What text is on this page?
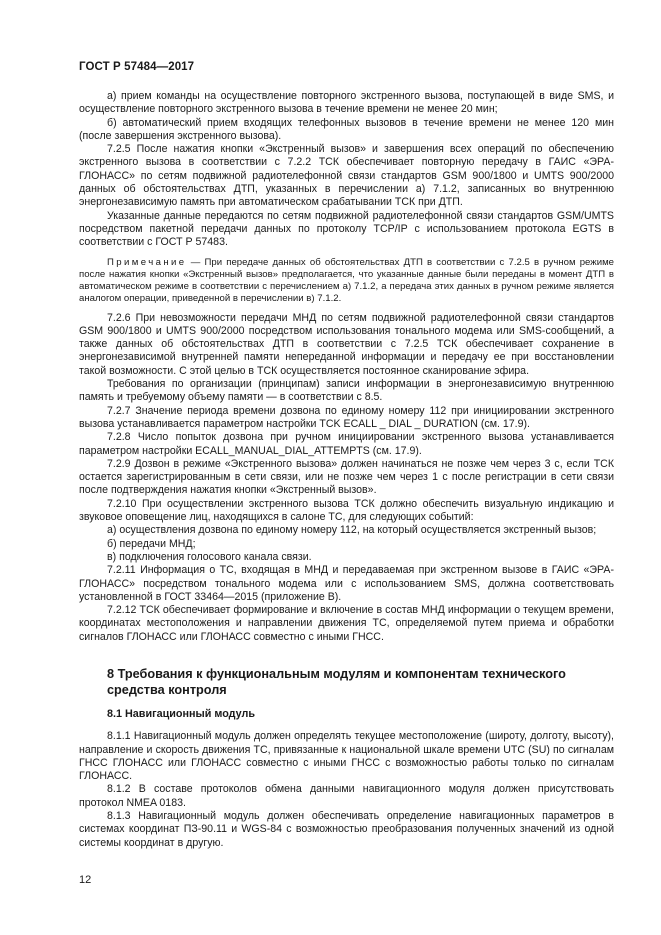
ГОСТ Р 57484—2017

а) прием команды на осуществление повторного экстренного вызова, поступающей в виде SMS, и осуществление повторного экстренного вызова в течение времени не менее 20 мин;

б) автоматический прием входящих телефонных вызовов в течение времени не менее 120 мин (после завершения экстренного вызова).

7.2.5 После нажатия кнопки «Экстренный вызов» и завершения всех операций по обеспечению экстренного вызова в соответствии с 7.2.2 ТСК обеспечивает повторную передачу в ГАИС «ЭРА-ГЛОНАСС» по сетям подвижной радиотелефонной связи стандартов GSM 900/1800 и UMTS 900/2000 данных об обстоятельствах ДТП, указанных в перечислении а) 7.1.2, записанных во внутреннюю энергонезависимую память при автоматическом срабатывании ТСК при ДТП.

Указанные данные передаются по сетям подвижной радиотелефонной связи стандартов GSM/UMTS посредством пакетной передачи данных по протоколу TCP/IP с использованием протокола EGTS в соответствии с ГОСТ Р 57483.

Примечание — При передаче данных об обстоятельствах ДТП в соответствии с 7.2.5 в ручном режиме после нажатия кнопки «Экстренный вызов» предполагается, что указанные данные были переданы в момент ДТП в автоматическом режиме в соответствии с перечислением а) 7.1.2, а передача этих данных в ручном режиме является аналогом операции, приведенной в перечислении в) 7.1.2.

7.2.6 При невозможности передачи МНД по сетям подвижной радиотелефонной связи стандартов GSM 900/1800 и UMTS 900/2000 посредством использования тонального модема или SMS-сообщений, а также данных об обстоятельствах ДТП в соответствии с 7.2.5 ТСК обеспечивает сохранение в энергонезависимой внутренней памяти непереданной информации и передачу ее при восстановлении такой возможности. С этой целью в ТСК осуществляется постоянное сканирование эфира.

Требования по организации (принципам) записи информации в энергонезависимую внутреннюю память и требуемому объему памяти — в соответствии с 8.5.

7.2.7 Значение периода времени дозвона по единому номеру 112 при инициировании экстренного вызова устанавливается параметром настройки TCK ECALL _ DIAL _ DURATION (см. 17.9).

7.2.8 Число попыток дозвона при ручном инициировании экстренного вызова устанавливается параметром настройки ECALL_MANUAL_DIAL_ATTEMPTS (см. 17.9).

7.2.9 Дозвон в режиме «Экстренного вызова» должен начинаться не позже чем через 3 с, если ТСК остается зарегистрированным в сети связи, или не позже чем через 1 с после регистрации в сети связи после подтверждения нажатия кнопки «Экстренный вызов».

7.2.10 При осуществлении экстренного вызова ТСК должно обеспечить визуальную индикацию и звуковое оповещение лиц, находящихся в салоне ТС, для следующих событий:

а) осуществления дозвона по единому номеру 112, на который осуществляется экстренный вызов;

б) передачи МНД;

в) подключения голосового канала связи.

7.2.11 Информация о ТС, входящая в МНД и передаваемая при экстренном вызове в ГАИС «ЭРА-ГЛОНАСС» посредством тонального модема или с использованием SMS, должна соответствовать установленной в ГОСТ 33464—2015 (приложение В).

7.2.12 ТСК обеспечивает формирование и включение в состав МНД информации о текущем времени, координатах местоположения и направлении движения ТС, определяемой путем приема и обработки сигналов ГЛОНАСС или ГЛОНАСС совместно с иными ГНСС.

8 Требования к функциональным модулям и компонентам технического средства контроля
8.1 Навигационный модуль

8.1.1 Навигационный модуль должен определять текущее местоположение (широту, долготу, высоту), направление и скорость движения ТС, привязанные к национальной шкале времени UTC (SU) по сигналам ГНСС ГЛОНАСС или ГЛОНАСС совместно с иными ГНСС с возможностью работы только по сигналам ГЛОНАСС.

8.1.2 В составе протоколов обмена данными навигационного модуля должен присутствовать протокол NMEA 0183.

8.1.3 Навигационный модуль должен обеспечивать определение навигационных параметров в системах координат ПЗ-90.11 и WGS-84 с возможностью преобразования полученных значений из одной системы координат в другую.

12
